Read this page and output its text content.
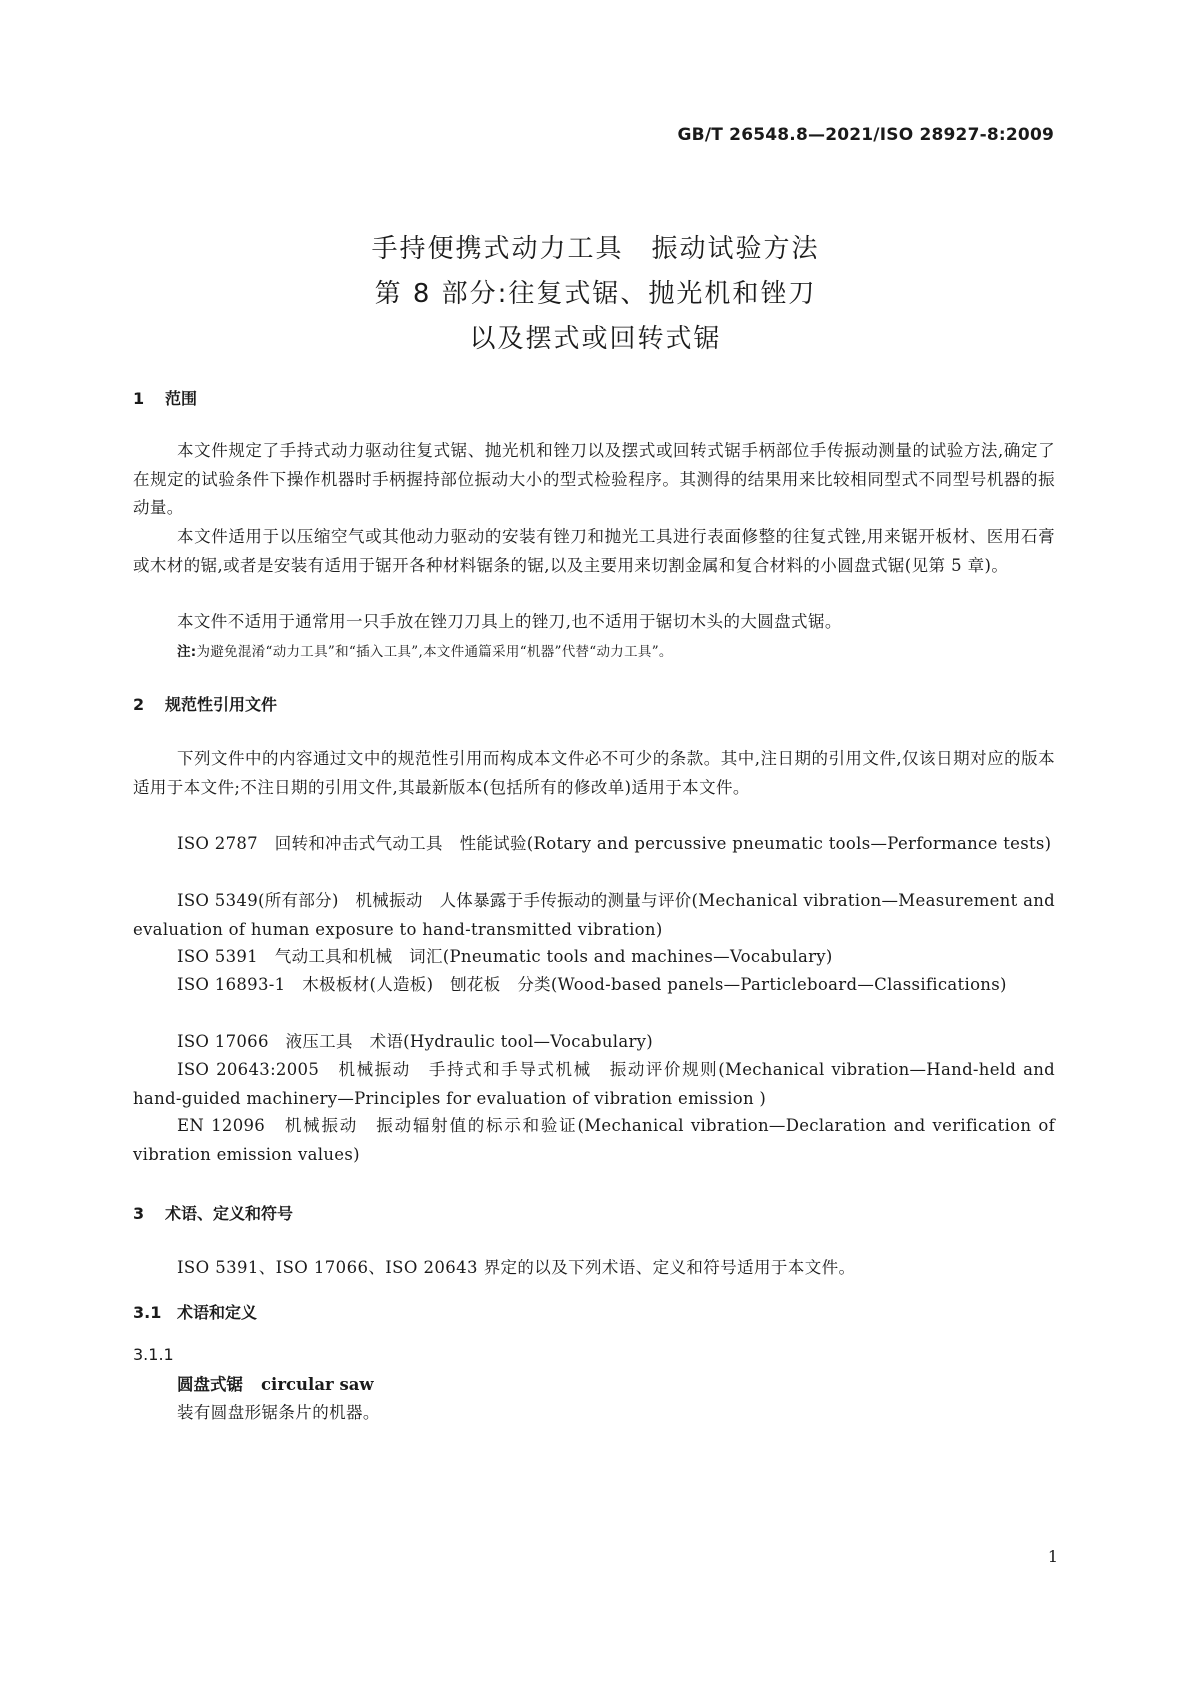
GB/T 26548.8—2021/ISO 28927-8:2009
手持便携式动力工具　振动试验方法
第 8 部分:往复式锯、抛光机和锉刀
以及摆式或回转式锯
1 范围
本文件规定了手持式动力驱动往复式锯、抛光机和锉刀以及摆式或回转式锯手柄部位手传振动测量的试验方法,确定了在规定的试验条件下操作机器时手柄握持部位振动大小的型式检验程序。其测得的结果用来比较相同型式不同型号机器的振动量。
本文件适用于以压缩空气或其他动力驱动的安装有锉刀和抛光工具进行表面修整的往复式锉,用来锯开板材、医用石膏或木材的锯,或者是安装有适用于锯开各种材料锯条的锯,以及主要用来切割金属和复合材料的小圆盘式锯(见第 5 章)。
本文件不适用于通常用一只手放在锉刀刀具上的锉刀,也不适用于锯切木头的大圆盘式锯。
注:为避免混淆“动力工具”和“插入工具”,本文件通篇采用“机器”代替“动力工具”。
2 规范性引用文件
下列文件中的内容通过文中的规范性引用而构成本文件必不可少的条款。其中,注日期的引用文件,仅该日期对应的版本适用于本文件;不注日期的引用文件,其最新版本(包括所有的修改单)适用于本文件。
ISO 2787　回转和冲击式气动工具　性能试验(Rotary and percussive pneumatic tools—Performance tests)
ISO 5349(所有部分)　机械振动　人体暴露于手传振动的测量与评价(Mechanical vibration—Measurement and evaluation of human exposure to hand-transmitted vibration)
ISO 5391　气动工具和机械　词汇(Pneumatic tools and machines—Vocabulary)
ISO 16893-1　木极板材(人造板)　刨花板　分类(Wood-based panels—Particleboard—Classifications)
ISO 17066　液压工具　术语(Hydraulic tool—Vocabulary)
ISO 20643:2005　机械振动　手持式和手导式机械　振动评价规则(Mechanical vibration—Hand-held and hand-guided machinery—Principles for evaluation of vibration emission )
EN 12096　机械振动　振动辐射值的标示和验证(Mechanical vibration—Declaration and verification of vibration emission values)
3 术语、定义和符号
ISO 5391、ISO 17066、ISO 20643 界定的以及下列术语、定义和符号适用于本文件。
3.1 术语和定义
3.1.1
圆盘式锯 circular saw
装有圆盘形锯条片的机器。
1
